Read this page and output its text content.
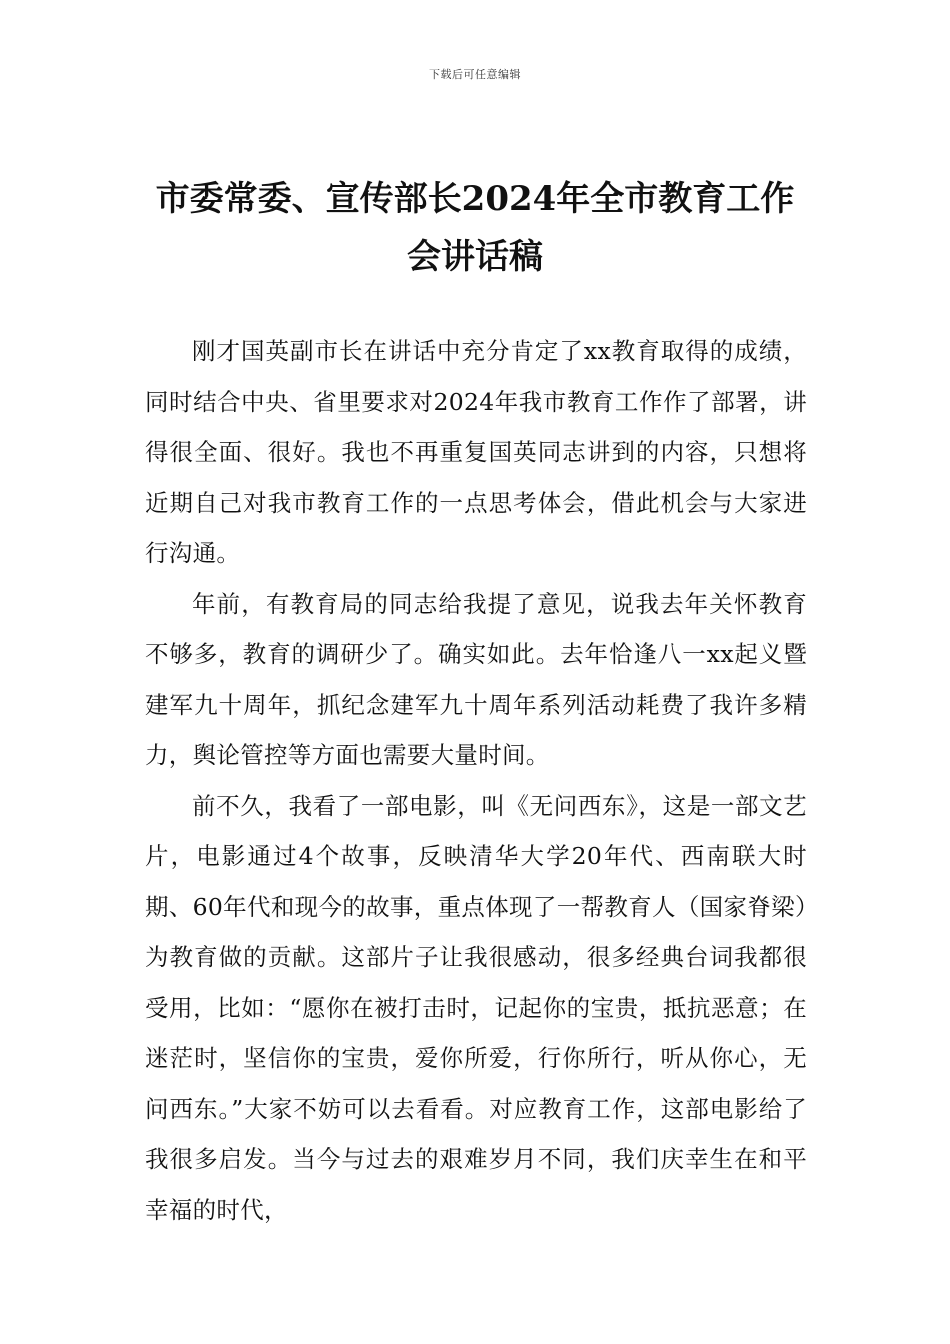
下载后可任意编辑
市委常委、宣传部长2024年全市教育工作会讲话稿

刚才国英副市长在讲话中充分肯定了xx教育取得的成绩，同时结合中央、省里要求对2024年我市教育工作作了部署，讲得很全面、很好。我也不再重复国英同志讲到的内容，只想将近期自己对我市教育工作的一点思考体会，借此机会与大家进行沟通。

年前，有教育局的同志给我提了意见，说我去年关怀教育不够多，教育的调研少了。确实如此。去年恰逢八一xx起义暨建军九十周年，抓纪念建军九十周年系列活动耗费了我许多精力，舆论管控等方面也需要大量时间。

前不久，我看了一部电影，叫《无问西东》，这是一部文艺片，电影通过4个故事，反映清华大学20年代、西南联大时期、60年代和现今的故事，重点体现了一帮教育人（国家脊梁）为教育做的贡献。这部片子让我很感动，很多经典台词我都很受用，比如：“愿你在被打击时，记起你的宝贵，抵抗恶意；在迷茫时，坚信你的宝贵，爱你所爱，行你所行，听从你心，无问西东。”大家不妨可以去看看。对应教育工作，这部电影给了我很多启发。当今与过去的艰难岁月不同，我们庆幸生在和平幸福的时代，
